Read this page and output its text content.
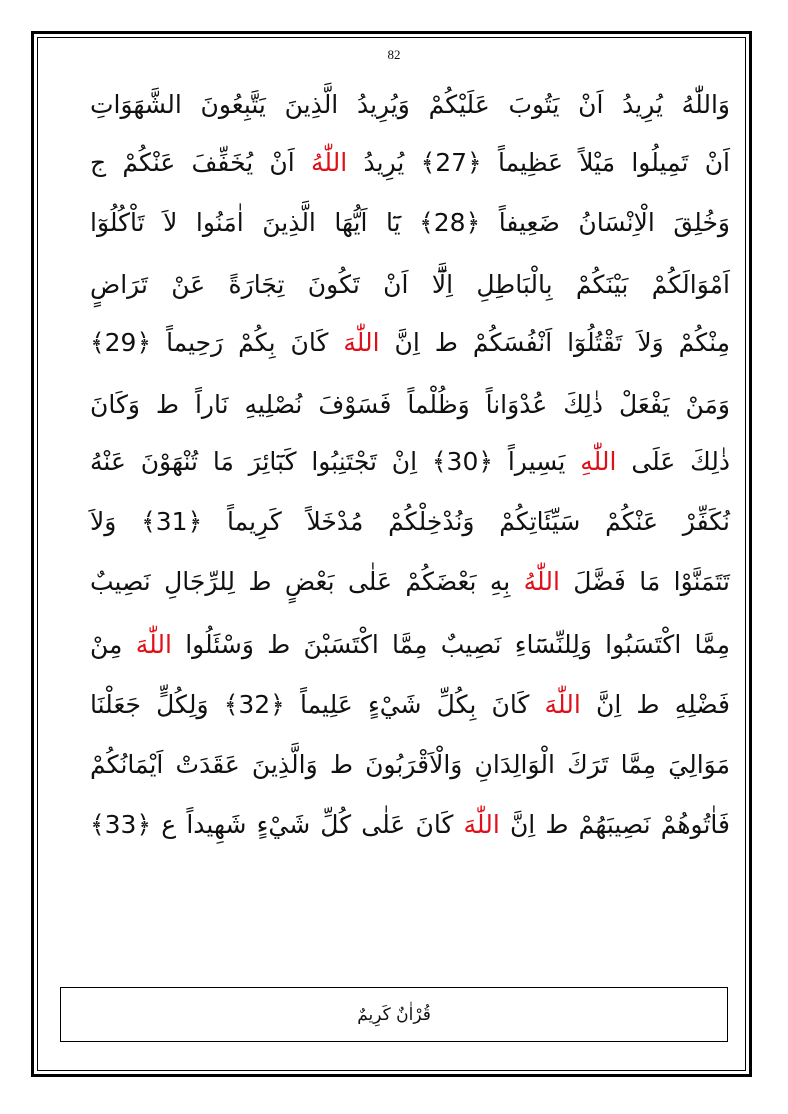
82
وَاللّٰهُ يُرِيدُ اَنْ يَتُوبَ عَلَيْكُمْ وَيُرِيدُ الَّذِينَ يَتَّبِعُونَ الشَّهَوَاتِ
اَنْ تَمِيلُوا مَيْلاً عَظِيماً ﴿27﴾ يُرِيدُ اللّٰهُ اَنْ يُخَفِّفَ عَنْكُمْ ج
وَخُلِقَ الْاِنْسَانُ ضَعِيفاً ﴿28﴾ يَٓا اَيُّهَا الَّذِينَ اٰمَنُوا لاَ تَاْكُلُوٓا
اَمْوَالَكُمْ بَيْنَكُمْ بِالْبَاطِلِ اِلَّٓا اَنْ تَكُونَ تِجَارَةً عَنْ تَرَاضٍ
مِنْكُمْ وَلاَ تَقْتُلُوٓا اَنْفُسَكُمْ ط اِنَّ اللّٰهَ كَانَ بِكُمْ رَحِيماً ﴿29﴾
وَمَنْ يَفْعَلْ ذٰلِكَ عُدْوَاناً وَظُلْماً فَسَوْفَ نُصْلِيهِ نَاراً ط وَكَانَ
ذٰلِكَ عَلَى اللّٰهِ يَسِيراً ﴿30﴾ اِنْ تَجْتَنِبُوا كَبَٓائِرَ مَا تُنْهَوْنَ عَنْهُ
نُكَفِّرْ عَنْكُمْ سَيِّئَاتِكُمْ وَنُدْخِلْكُمْ مُدْخَلاً كَرِيماً ﴿31﴾ وَلاَ
تَتَمَنَّوْا مَا فَضَّلَ اللّٰهُ بِهِ بَعْضَكُمْ عَلٰى بَعْضٍ ط لِلرِّجَالِ نَصِيبٌ
مِمَّا اكْتَسَبُوا وَلِلنِّسَٓاءِ نَصِيبٌ مِمَّا اكْتَسَبْنَ ط وَسْئَلُوا اللّٰهَ مِنْ
فَضْلِهِ ط اِنَّ اللّٰهَ كَانَ بِكُلِّ شَيْءٍ عَلِيماً ﴿32﴾ وَلِكُلٍّ جَعَلْنَا
مَوَالِيَ مِمَّا تَرَكَ الْوَالِدَانِ وَالْاَقْرَبُونَ ط وَالَّذِينَ عَقَدَتْ اَيْمَانُكُمْ
فَاٰتُوهُمْ نَصِيبَهُمْ ط اِنَّ اللّٰهَ كَانَ عَلٰى كُلِّ شَيْءٍ شَهِيداً ع ﴿33﴾
قُرْاٰنٌ كَرِيمٌ
